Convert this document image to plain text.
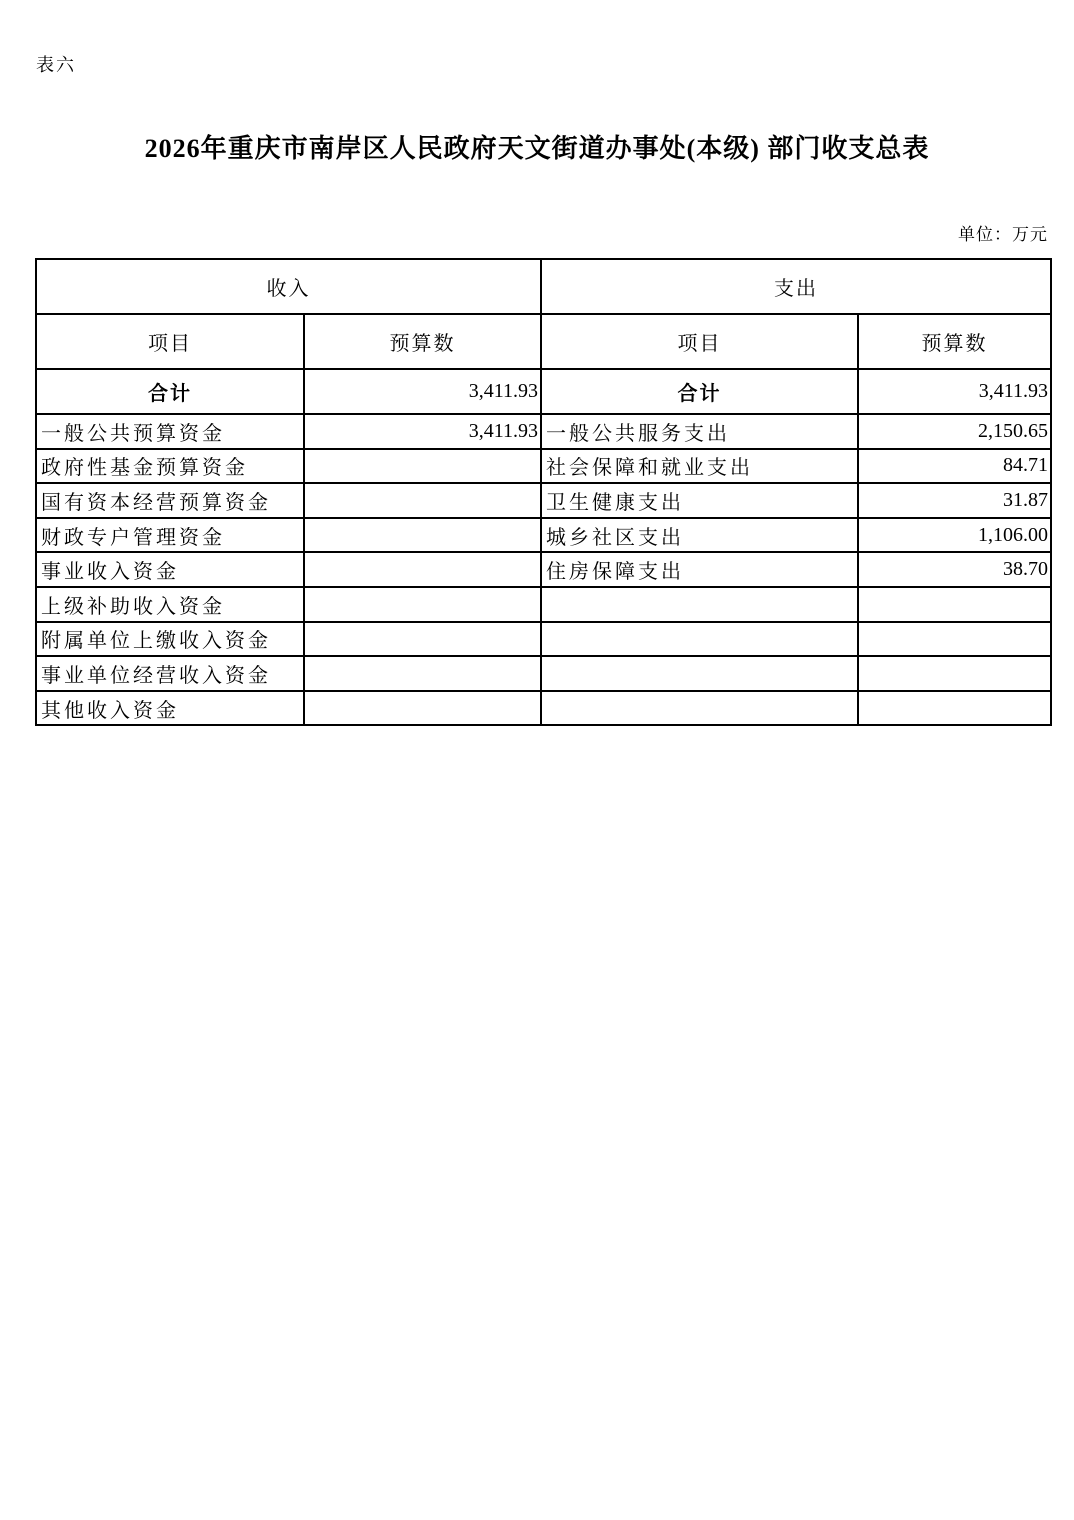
表六
2026年重庆市南岸区人民政府天文街道办事处(本级) 部门收支总表
单位：万元
收入		支出	
项目	预算数	项目	预算数
合计	3,411.93	合计	3,411.93
一般公共预算资金	3,411.93	一般公共服务支出	2,150.65
政府性基金预算资金		社会保障和就业支出	84.71
国有资本经营预算资金		卫生健康支出	31.87
财政专户管理资金		城乡社区支出	1,106.00
事业收入资金		住房保障支出	38.70
上级补助收入资金			
附属单位上缴收入资金			
事业单位经营收入资金			
其他收入资金			
